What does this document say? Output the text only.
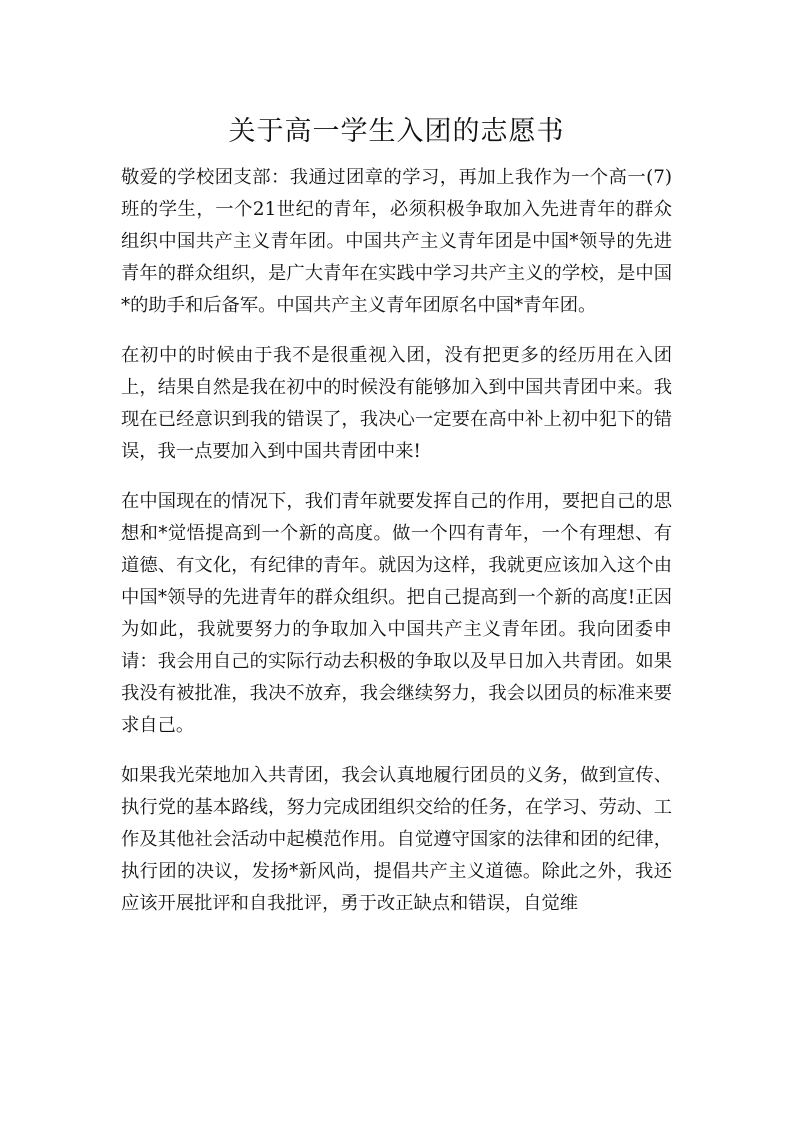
关于高一学生入团的志愿书

敬爱的学校团支部：我通过团章的学习，再加上我作为一个高一(7)班的学生，一个21世纪的青年，必须积极争取加入先进青年的群众组织中国共产主义青年团。中国共产主义青年团是中国*领导的先进青年的群众组织，是广大青年在实践中学习共产主义的学校，是中国*的助手和后备军。中国共产主义青年团原名中国*青年团。

在初中的时候由于我不是很重视入团，没有把更多的经历用在入团上，结果自然是我在初中的时候没有能够加入到中国共青团中来。我现在已经意识到我的错误了，我决心一定要在高中补上初中犯下的错误，我一点要加入到中国共青团中来!

在中国现在的情况下，我们青年就要发挥自己的作用，要把自己的思想和*觉悟提高到一个新的高度。做一个四有青年，一个有理想、有道德、有文化，有纪律的青年。就因为这样，我就更应该加入这个由中国*领导的先进青年的群众组织。把自己提高到一个新的高度!正因为如此，我就要努力的争取加入中国共产主义青年团。我向团委申请：我会用自己的实际行动去积极的争取以及早日加入共青团。如果我没有被批准，我决不放弃，我会继续努力，我会以团员的标准来要求自己。

如果我光荣地加入共青团，我会认真地履行团员的义务，做到宣传、执行党的基本路线，努力完成团组织交给的任务，在学习、劳动、工作及其他社会活动中起模范作用。自觉遵守国家的法律和团的纪律，执行团的决议，发扬*新风尚，提倡共产主义道德。除此之外，我还应该开展批评和自我批评，勇于改正缺点和错误，自觉维
